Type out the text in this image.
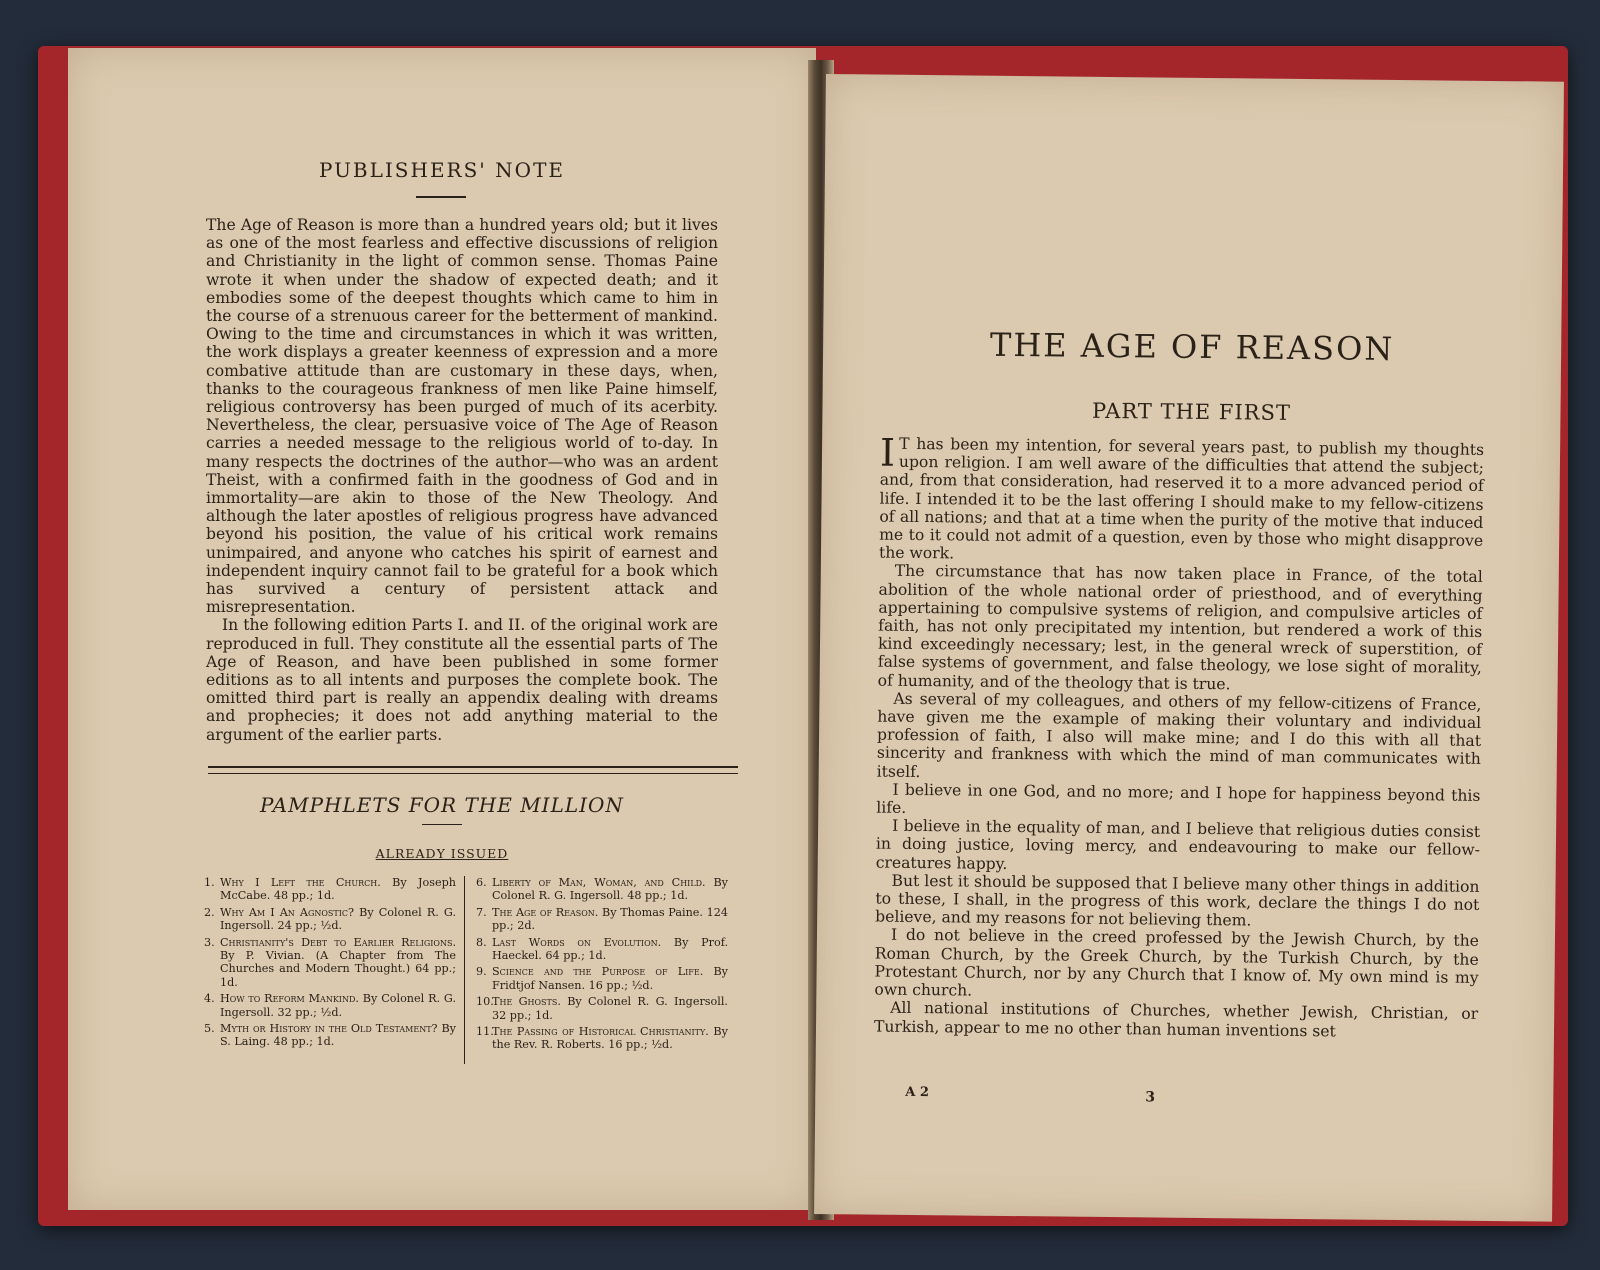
PUBLISHERS' NOTE

The Age of Reason is more than a hundred years old; but it lives as one of the most fearless and effective discussions of religion and Christianity in the light of common sense. Thomas Paine wrote it when under the shadow of expected death; and it embodies some of the deepest thoughts which came to him in the course of a strenuous career for the betterment of mankind. Owing to the time and circumstances in which it was written, the work displays a greater keenness of expression and a more combative attitude than are customary in these days, when, thanks to the courageous frankness of men like Paine himself, religious controversy has been purged of much of its acerbity. Nevertheless, the clear, persuasive voice of The Age of Reason carries a needed message to the religious world of to-day. In many respects the doctrines of the author—who was an ardent Theist, with a confirmed faith in the goodness of God and in immortality—are akin to those of the New Theology. And although the later apostles of religious progress have advanced beyond his position, the value of his critical work remains unimpaired, and anyone who catches his spirit of earnest and independent inquiry cannot fail to be grateful for a book which has survived a century of persistent attack and misrepresentation.

In the following edition Parts I. and II. of the original work are reproduced in full. They constitute all the essential parts of The Age of Reason, and have been published in some former editions as to all intents and purposes the complete book. The omitted third part is really an appendix dealing with dreams and prophecies; it does not add anything material to the argument of the earlier parts.

PAMPHLETS FOR THE MILLION
ALREADY ISSUED
1. Why I Left the Church. By Joseph McCabe. 48 pp.; 1d.
2. Why Am I An Agnostic? By Colonel R. G. Ingersoll. 24 pp.; ½d.
3. Christianity's Debt to Earlier Religions. By P. Vivian. (A Chapter from The Churches and Modern Thought.) 64 pp.; 1d.
4. How to Reform Mankind. By Colonel R. G. Ingersoll. 32 pp.; ½d.
5. Myth or History in the Old Testament? By S. Laing. 48 pp.; 1d.
6. Liberty of Man, Woman, and Child. By Colonel R. G. Ingersoll. 48 pp.; 1d.
7. The Age of Reason. By Thomas Paine. 124 pp.; 2d.
8. Last Words on Evolution. By Prof. Haeckel. 64 pp.; 1d.
9. Science and the Purpose of Life. By Fridtjof Nansen. 16 pp.; ½d.
10.
The Ghosts. By Colonel R. G. Ingersoll. 32 pp.; 1d.
11.
The Passing of Historical Christianity. By the Rev. R. Roberts. 16 pp.; ½d.
THE AGE OF REASON
PART THE FIRST

I T has been my intention, for several years past, to publish my thoughts upon religion. I am well aware of the difficulties that attend the subject; and, from that consideration, had reserved it to a more advanced period of life. I intended it to be the last offering I should make to my fellow-citizens of all nations; and that at a time when the purity of the motive that induced me to it could not admit of a question, even by those who might disapprove the work.

The circumstance that has now taken place in France, of the total abolition of the whole national order of priesthood, and of everything appertaining to compulsive systems of religion, and compulsive articles of faith, has not only precipitated my intention, but rendered a work of this kind exceedingly necessary; lest, in the general wreck of superstition, of false systems of government, and false theology, we lose sight of morality, of humanity, and of the theology that is true.

As several of my colleagues, and others of my fellow-citizens of France, have given me the example of making their voluntary and individual profession of faith, I also will make mine; and I do this with all that sincerity and frankness with which the mind of man communicates with itself.

I believe in one God, and no more; and I hope for happiness beyond this life.

I believe in the equality of man, and I believe that religious duties consist in doing justice, loving mercy, and endeavouring to make our fellow-creatures happy.

But lest it should be supposed that I believe many other things in addition to these, I shall, in the progress of this work, declare the things I do not believe, and my reasons for not believing them.

I do not believe in the creed professed by the Jewish Church, by the Roman Church, by the Greek Church, by the Turkish Church, by the Protestant Church, nor by any Church that I know of. My own mind is my own church.

All national institutions of Churches, whether Jewish, Christian, or Turkish, appear to me no other than human inventions set

A 2	3
